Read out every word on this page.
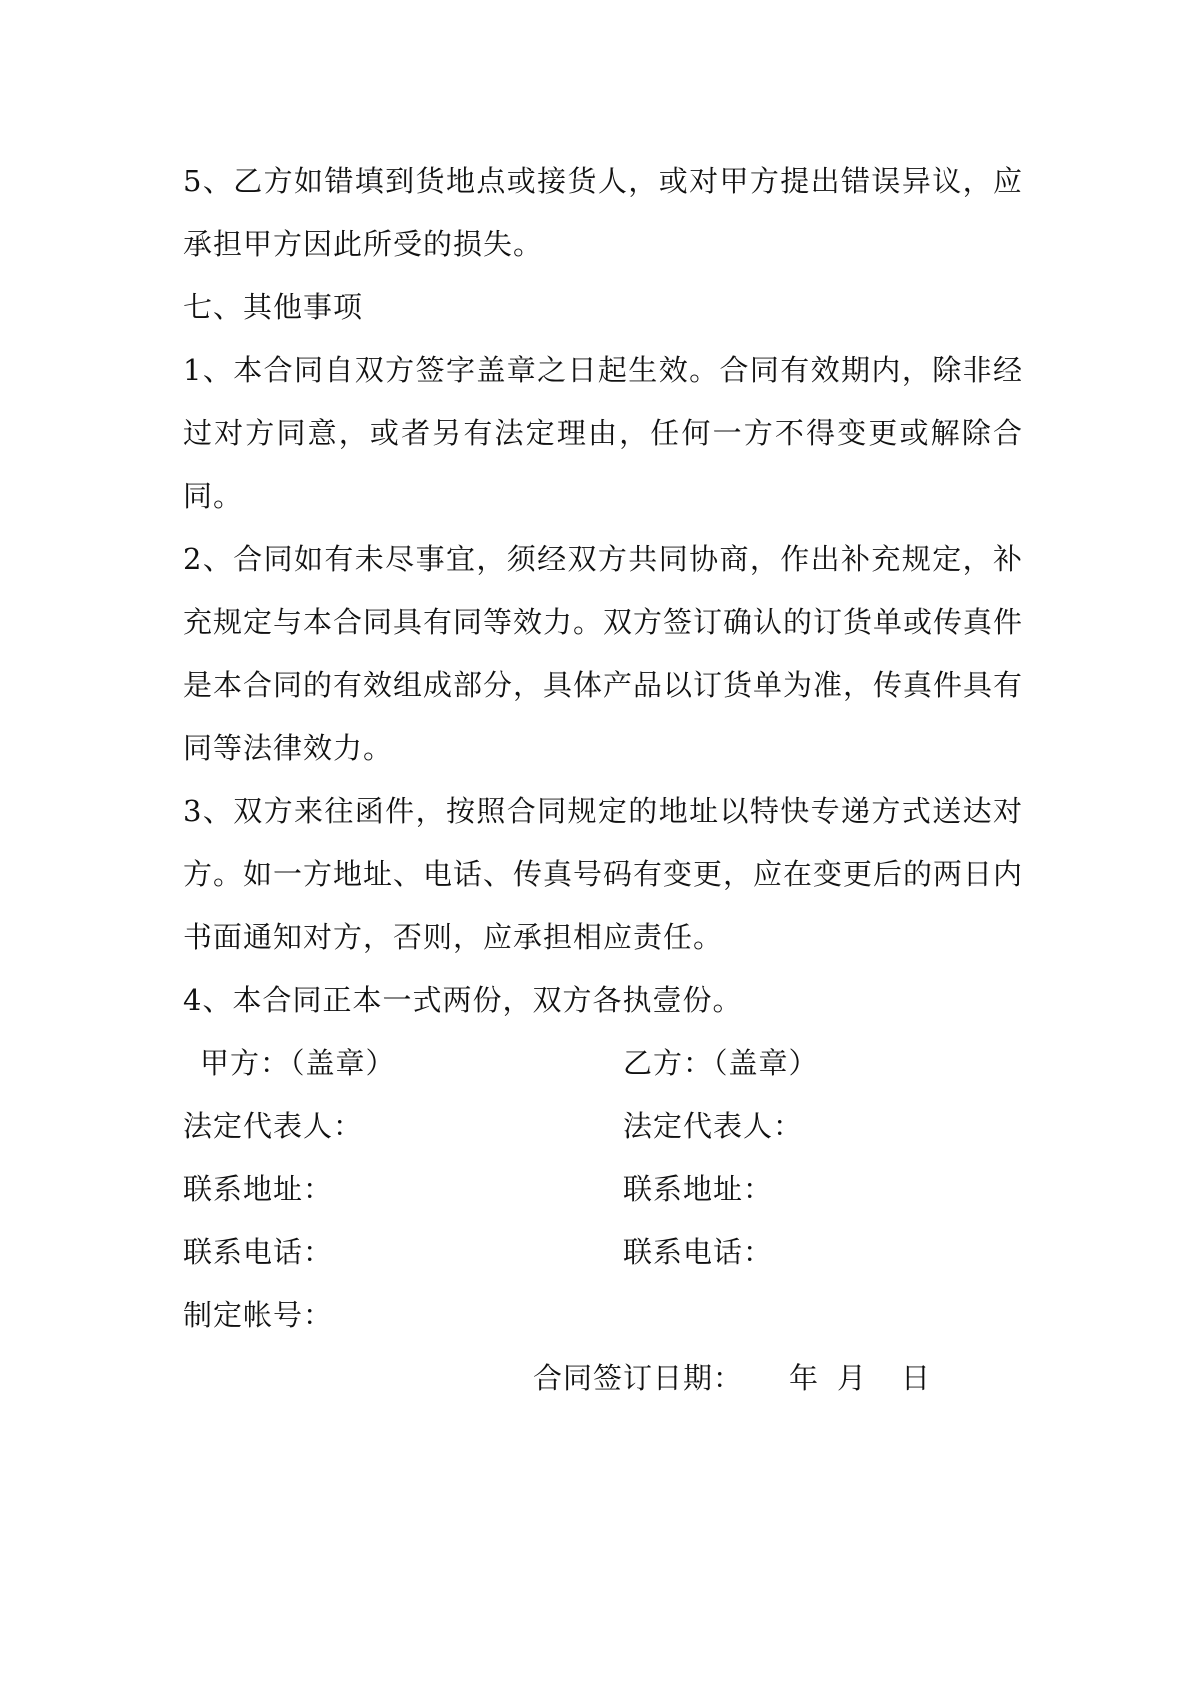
5、乙方如错填到货地点或接货人，或对甲方提出错误异议，应承担甲方因此所受的损失。

七、其他事项

1、本合同自双方签字盖章之日起生效。合同有效期内，除非经过对方同意，或者另有法定理由，任何一方不得变更或解除合同。

2、合同如有未尽事宜，须经双方共同协商，作出补充规定，补充规定与本合同具有同等效力。双方签订确认的订货单或传真件是本合同的有效组成部分，具体产品以订货单为准，传真件具有同等法律效力。

3、双方来往函件，按照合同规定的地址以特快专递方式送达对方。如一方地址、电话、传真号码有变更，应在变更后的两日内书面通知对方，否则，应承担相应责任。

4、本合同正本一式两份，双方各执壹份。

甲方：（盖章）	乙方：（盖章）
法定代表人：	法定代表人：
联系地址：	联系地址：
联系电话：	联系电话：
制定帐号：
合同签订日期： 年 月 日
